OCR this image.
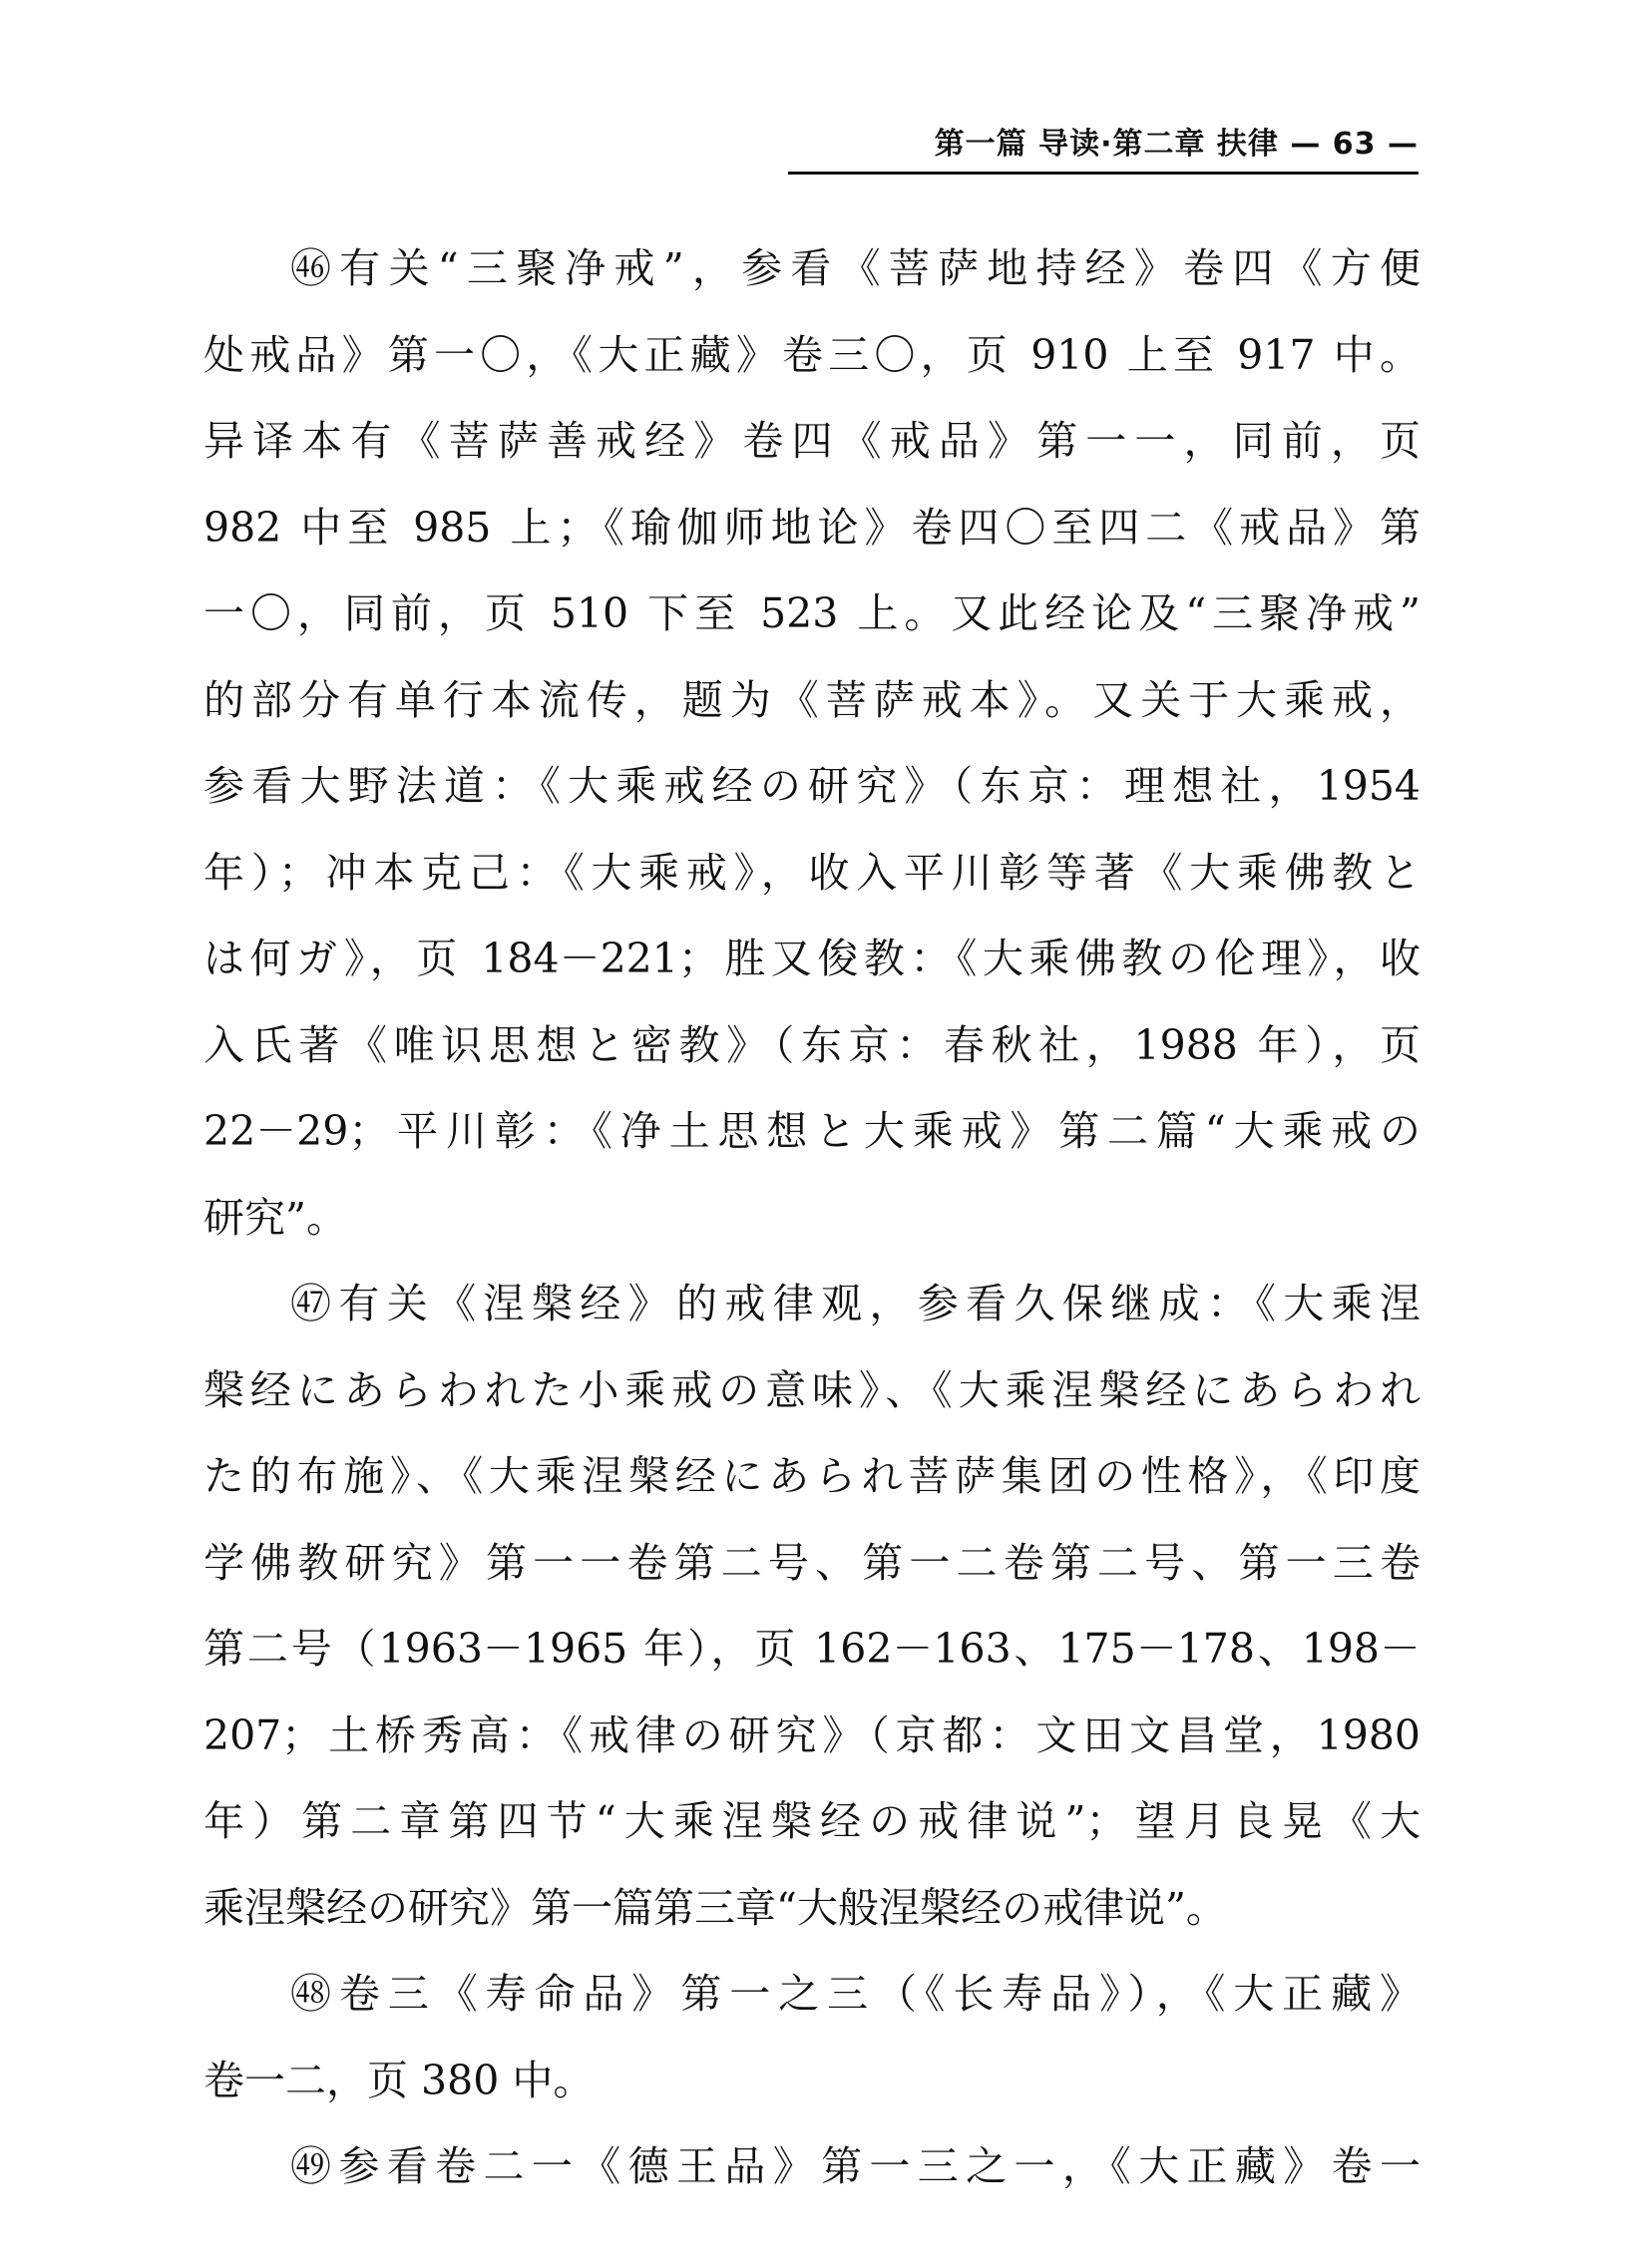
第一篇 导读·第二章 扶律 — 63 —
㊻有关“三聚净戒”，参看《菩萨地持经》卷四《方便
处戒品》第一〇，《大正藏》卷三〇，页 910 上至 917 中。
异译本有《菩萨善戒经》卷四《戒品》第一一，同前，页
982 中至 985 上；《瑜伽师地论》卷四〇至四二《戒品》第
一〇，同前，页 510 下至 523 上。又此经论及“三聚净戒”
的部分有单行本流传，题为《菩萨戒本》。又关于大乘戒，
参看大野法道：《大乘戒经の研究》（东京：理想社，1954
年）；冲本克己：《大乘戒》，收入平川彰等著《大乘佛教と
は何ガ》，页 184－221；胜又俊教：《大乘佛教の伦理》，收
入氏著《唯识思想と密教》（东京：春秋社，1988 年），页
22－29；平川彰：《净土思想と大乘戒》第二篇“大乘戒の
研究”。
㊼有关《涅槃经》的戒律观，参看久保继成：《大乘涅
槃经にあらわれた小乘戒の意味》、《大乘涅槃经にあらわれ
た的布施》、《大乘涅槃经にあられ菩萨集团の性格》，《印度
学佛教研究》第一一卷第二号、第一二卷第二号、第一三卷
第二号（1963－1965 年），页 162－163、175－178、198－
207；土桥秀高：《戒律の研究》（京都：文田文昌堂，1980
年）第二章第四节“大乘涅槃经の戒律说”；望月良晃《大
乘涅槃经の研究》第一篇第三章“大般涅槃经の戒律说”。
㊽卷三《寿命品》第一之三（《长寿品》），《大正藏》
卷一二，页 380 中。
㊾参看卷二一《德王品》第一三之一，《大正藏》卷一
